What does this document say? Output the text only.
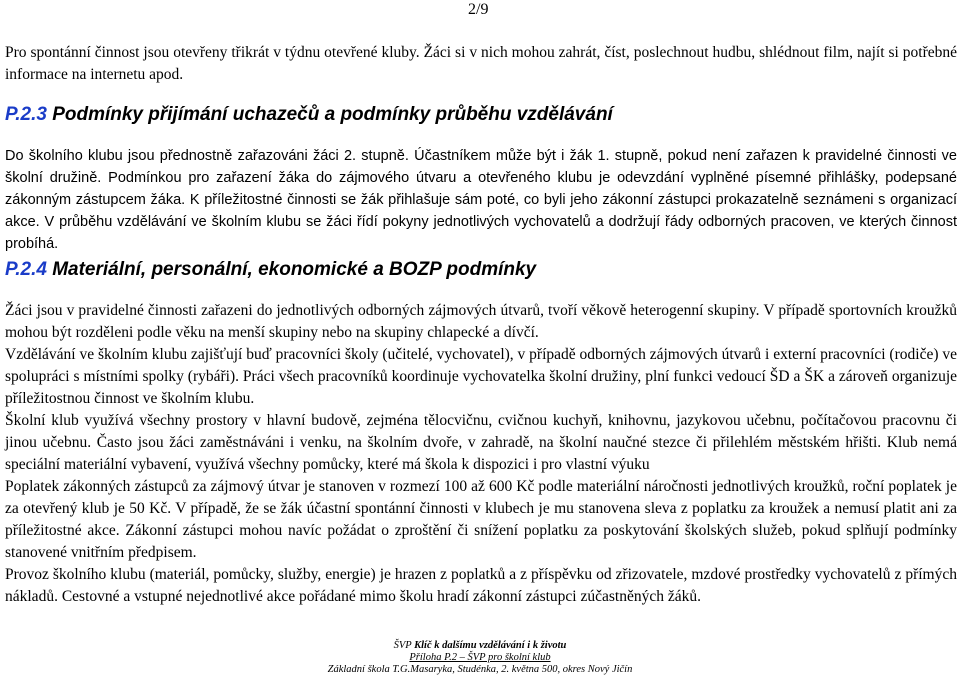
2/9
Pro spontánní činnost jsou otevřeny třikrát v týdnu otevřené kluby. Žáci si v nich mohou zahrát, číst, poslechnout hudbu, shlédnout film, najít si potřebné informace na internetu apod.
P.2.3 Podmínky přijímání uchazečů a podmínky průběhu vzdělávání
Do školního klubu jsou přednostně zařazováni žáci 2. stupně. Účastníkem může být i žák 1. stupně, pokud není zařazen k pravidelné činnosti ve školní družině. Podmínkou pro zařazení žáka do zájmového útvaru a otevřeného klubu je odevzdání vyplněné písemné přihlášky, podepsané zákonným zástupcem žáka. K příležitostné činnosti se žák přihlašuje sám poté, co byli jeho zákonní zástupci prokazatelně seznámeni s organizací akce. V průběhu vzdělávání ve školním klubu se žáci řídí pokyny jednotlivých vychovatelů a dodržují řády odborných pracoven, ve kterých činnost probíhá.
P.2.4 Materiální, personální, ekonomické a BOZP podmínky
Žáci jsou v pravidelné činnosti zařazeni do jednotlivých odborných zájmových útvarů, tvoří věkově heterogenní skupiny. V případě sportovních kroužků mohou být rozděleni podle věku na menší skupiny nebo na skupiny chlapecké a dívčí.
Vzdělávání ve školním klubu zajišťují buď pracovníci školy (učitelé, vychovatel), v případě odborných zájmových útvarů i externí pracovníci (rodiče) ve spolupráci s místními spolky (rybáři). Práci všech pracovníků koordinuje vychovatelka školní družiny, plní funkci vedoucí ŠD a ŠK a zároveň organizuje příležitostnou činnost ve školním klubu.
Školní klub využívá všechny prostory v hlavní budově, zejména tělocvičnu, cvičnou kuchyň, knihovnu, jazykovou učebnu, počítačovou pracovnu či jinou učebnu. Často jsou žáci zaměstnáváni i venku, na školním dvoře, v zahradě, na školní naučné stezce či přilehlém městském hřišti. Klub nemá speciální materiální vybavení, využívá všechny pomůcky, které má škola k dispozici i pro vlastní výuku
Poplatek zákonných zástupců za zájmový útvar je stanoven v rozmezí 100 až 600 Kč podle materiální náročnosti jednotlivých kroužků, roční poplatek je za otevřený klub je 50 Kč. V případě, že se žák účastní spontánní činnosti v klubech je mu stanovena sleva z poplatku za kroužek a nemusí platit ani za příležitostné akce. Zákonní zástupci mohou navíc požádat o zproštění či snížení poplatku za poskytování školských služeb, pokud splňují podmínky stanovené vnitřním předpisem.
Provoz školního klubu (materiál, pomůcky, služby, energie) je hrazen z poplatků a z příspěvku od zřizovatele, mzdové prostředky vychovatelů z přímých nákladů. Cestovné a vstupné nejednotlivé akce pořádané mimo školu hradí zákonní zástupci zúčastněných žáků.
ŠVP Klíč k dalšímu vzdělávání i k životu
Příloha P.2 – ŠVP pro školní klub
Základní škola T.G.Masaryka, Studénka, 2. května 500, okres Nový Jičín
